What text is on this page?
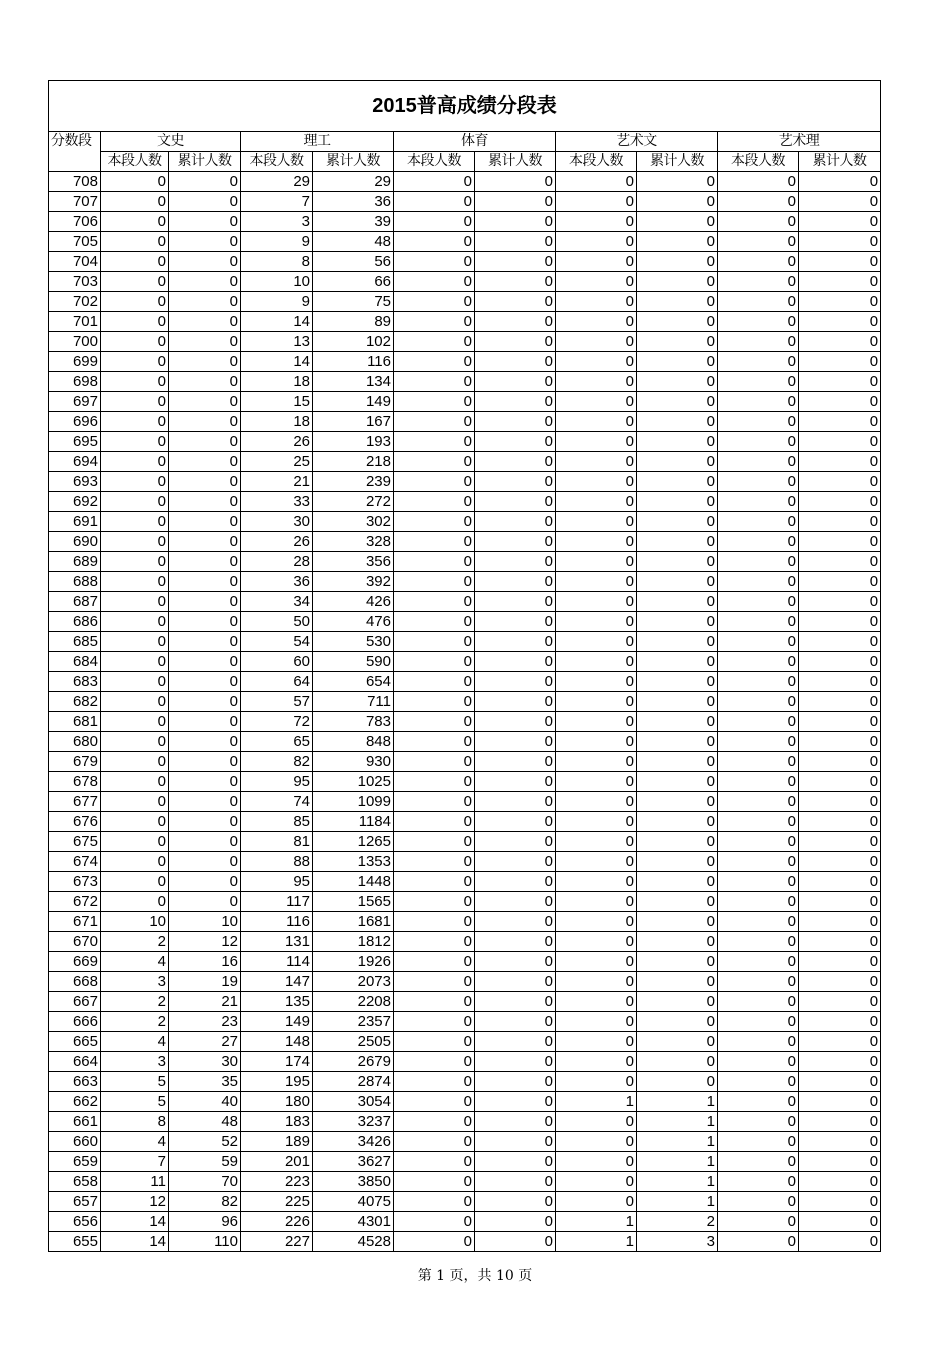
2015普高成绩分段表										
分数段	文史		理工		体育		艺术文		艺术理	
	本段人数	累计人数	本段人数	累计人数	本段人数	累计人数	本段人数	累计人数	本段人数	累计人数
708	0	0	29	29	0	0	0	0	0	0
707	0	0	7	36	0	0	0	0	0	0
706	0	0	3	39	0	0	0	0	0	0
705	0	0	9	48	0	0	0	0	0	0
704	0	0	8	56	0	0	0	0	0	0
703	0	0	10	66	0	0	0	0	0	0
702	0	0	9	75	0	0	0	0	0	0
701	0	0	14	89	0	0	0	0	0	0
700	0	0	13	102	0	0	0	0	0	0
699	0	0	14	116	0	0	0	0	0	0
698	0	0	18	134	0	0	0	0	0	0
697	0	0	15	149	0	0	0	0	0	0
696	0	0	18	167	0	0	0	0	0	0
695	0	0	26	193	0	0	0	0	0	0
694	0	0	25	218	0	0	0	0	0	0
693	0	0	21	239	0	0	0	0	0	0
692	0	0	33	272	0	0	0	0	0	0
691	0	0	30	302	0	0	0	0	0	0
690	0	0	26	328	0	0	0	0	0	0
689	0	0	28	356	0	0	0	0	0	0
688	0	0	36	392	0	0	0	0	0	0
687	0	0	34	426	0	0	0	0	0	0
686	0	0	50	476	0	0	0	0	0	0
685	0	0	54	530	0	0	0	0	0	0
684	0	0	60	590	0	0	0	0	0	0
683	0	0	64	654	0	0	0	0	0	0
682	0	0	57	711	0	0	0	0	0	0
681	0	0	72	783	0	0	0	0	0	0
680	0	0	65	848	0	0	0	0	0	0
679	0	0	82	930	0	0	0	0	0	0
678	0	0	95	1025	0	0	0	0	0	0
677	0	0	74	1099	0	0	0	0	0	0
676	0	0	85	1184	0	0	0	0	0	0
675	0	0	81	1265	0	0	0	0	0	0
674	0	0	88	1353	0	0	0	0	0	0
673	0	0	95	1448	0	0	0	0	0	0
672	0	0	117	1565	0	0	0	0	0	0
671	10	10	116	1681	0	0	0	0	0	0
670	2	12	131	1812	0	0	0	0	0	0
669	4	16	114	1926	0	0	0	0	0	0
668	3	19	147	2073	0	0	0	0	0	0
667	2	21	135	2208	0	0	0	0	0	0
666	2	23	149	2357	0	0	0	0	0	0
665	4	27	148	2505	0	0	0	0	0	0
664	3	30	174	2679	0	0	0	0	0	0
663	5	35	195	2874	0	0	0	0	0	0
662	5	40	180	3054	0	0	1	1	0	0
661	8	48	183	3237	0	0	0	1	0	0
660	4	52	189	3426	0	0	0	1	0	0
659	7	59	201	3627	0	0	0	1	0	0
658	11	70	223	3850	0	0	0	1	0	0
657	12	82	225	4075	0	0	0	1	0	0
656	14	96	226	4301	0	0	1	2	0	0
655	14	110	227	4528	0	0	1	3	0	0
第 1 页，共 10 页
